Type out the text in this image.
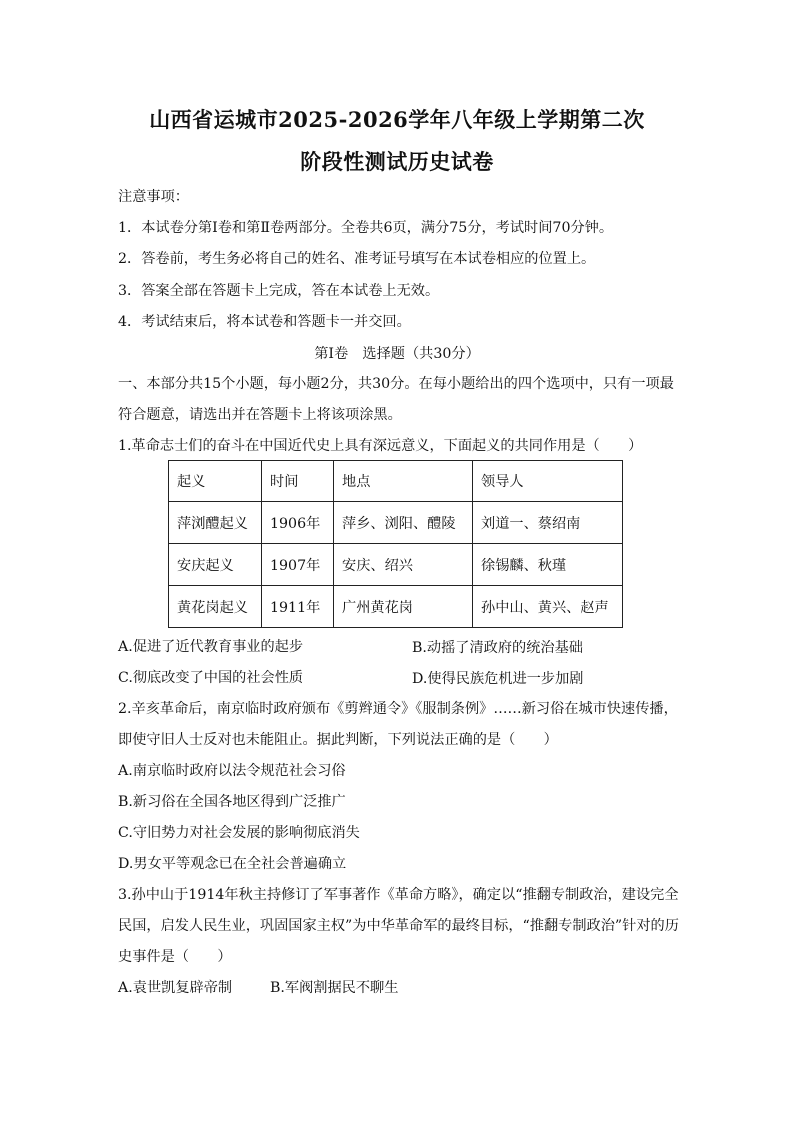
山西省运城市2025-2026学年八年级上学期第二次
阶段性测试历史试卷
注意事项：
1．本试卷分第Ⅰ卷和第Ⅱ卷两部分。全卷共6页，满分75分，考试时间70分钟。
2．答卷前，考生务必将自己的姓名、准考证号填写在本试卷相应的位置上。
3．答案全部在答题卡上完成，答在本试卷上无效。
4．考试结束后，将本试卷和答题卡一并交回。
第Ⅰ卷　选择题（共30分）
一、本部分共15个小题，每小题2分，共30分。在每小题给出的四个选项中，只有一项最
符合题意，请选出并在答题卡上将该项涂黑。
1.革命志士们的奋斗在中国近代史上具有深远意义，下面起义的共同作用是（　　）
起义	时间	地点	领导人
萍浏醴起义	1906年	萍乡、浏阳、醴陵	刘道一、蔡绍南
安庆起义	1907年	安庆、绍兴	徐锡麟、秋瑾
黄花岗起义	1911年	广州黄花岗	孙中山、黄兴、赵声
A.促进了近代教育事业的起步	B.动摇了清政府的统治基础
C.彻底改变了中国的社会性质	D.使得民族危机进一步加剧
2.辛亥革命后，南京临时政府颁布《剪辫通令》《服制条例》……新习俗在城市快速传播，
即使守旧人士反对也未能阻止。据此判断，下列说法正确的是（　　）
A.南京临时政府以法令规范社会习俗
B.新习俗在全国各地区得到广泛推广
C.守旧势力对社会发展的影响彻底消失
D.男女平等观念已在全社会普遍确立
3.孙中山于1914年秋主持修订了军事著作《革命方略》，确定以“推翻专制政治，建设完全
民国，启发人民生业，巩固国家主权”为中华革命军的最终目标，“推翻专制政治”针对的历
史事件是（　　）
A.袁世凯复辟帝制	B.军阀割据民不聊生
